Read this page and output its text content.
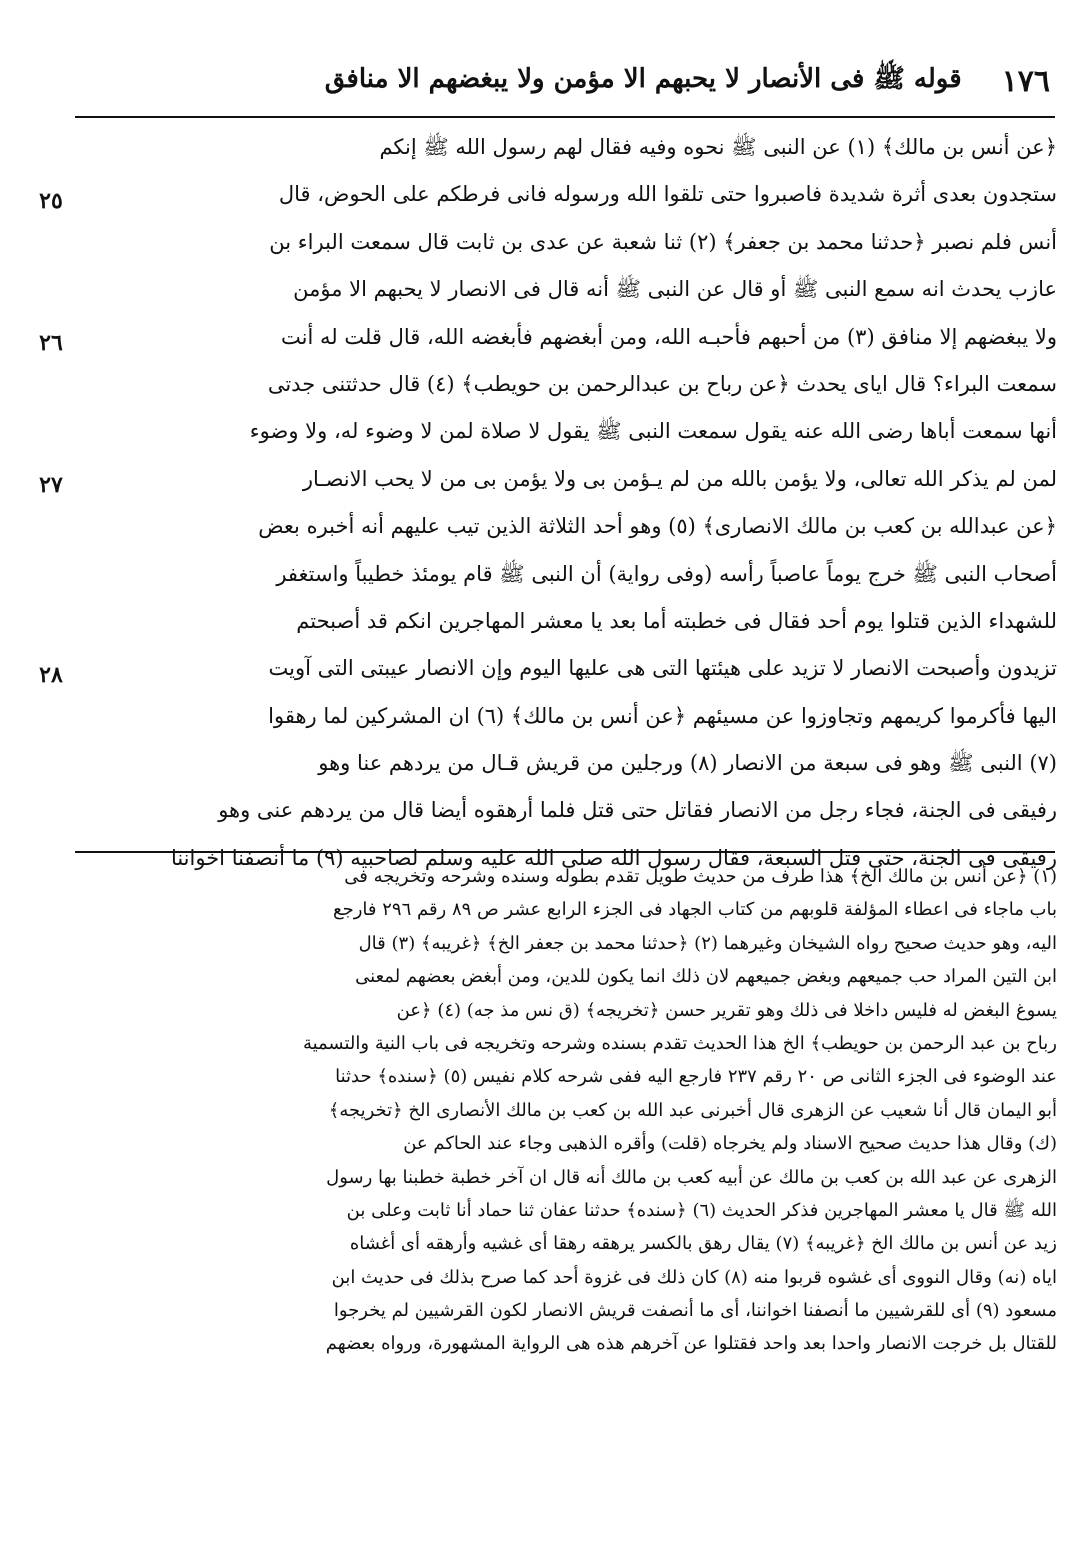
١٧٦
قوله ﷺ فى الأنصار لا يحبهم الا مؤمن ولا يبغضهم الا منافق
٢٥
٢٦
٢٧
٢٨
﴿عن أنس بن مالك﴾ (١) عن النبى ﷺ نحوه وفيه فقال لهم رسول الله ﷺ إنكم
ستجدون بعدى أثرة شديدة فاصبروا حتى تلقوا الله ورسوله فانى فرطكم على الحوض، قال
أنس فلم نصبر ﴿حدثنا محمد بن جعفر﴾ (٢) ثنا شعبة عن عدى بن ثابت قال سمعت البراء بن
عازب يحدث انه سمع النبى ﷺ أو قال عن النبى ﷺ أنه قال فى الانصار لا يحبهم الا مؤمن
ولا يبغضهم إلا منافق (٣) من أحبهم فأحبـه الله، ومن أبغضهم فأبغضه الله، قال قلت له أنت
سمعت البراء؟ قال اياى يحدث ﴿عن رباح بن عبدالرحمن بن حويطب﴾ (٤) قال حدثتنى جدتى
أنها سمعت أباها رضى الله عنه يقول سمعت النبى ﷺ يقول لا صلاة لمن لا وضوء له، ولا وضوء
لمن لم يذكر الله تعالى، ولا يؤمن بالله من لم يـؤمن بى ولا يؤمن بى من لا يحب الانصـار
﴿عن عبدالله بن كعب بن مالك الانصارى﴾ (٥) وهو أحد الثلاثة الذين تيب عليهم أنه أخبره بعض
أصحاب النبى ﷺ خرج يوماً عاصباً رأسه (وفى رواية) أن النبى ﷺ قام يومئذ خطيباً واستغفر
للشهداء الذين قتلوا يوم أحد فقال فى خطبته أما بعد يا معشر المهاجرين انكم قد أصبحتم
تزيدون وأصبحت الانصار لا تزيد على هيئتها التى هى عليها اليوم وإن الانصار عيبتى التى آويت
اليها فأكرموا كريمهم وتجاوزوا عن مسيئهم ﴿عن أنس بن مالك﴾ (٦) ان المشركين لما رهقوا
(٧) النبى ﷺ وهو فى سبعة من الانصار (٨) ورجلين من قريش قـال من يردهم عنا وهو
رفيقى فى الجنة، فجاء رجل من الانصار فقاتل حتى قتل فلما أرهقوه أيضا قال من يردهم عنى وهو
رفيقى فى الجنة، حتى قتل السبعة، فقال رسول الله صلى الله عليه وسلم لصاحبيه (٩) ما أنصفنا اخواننا
(١) ﴿عن أنس بن مالك الخ﴾ هذا طرف من حديث طويل تقدم بطوله وسنده وشرحه وتخريجه فى
باب ماجاء فى اعطاء المؤلفة قلوبهم من كتاب الجهاد فى الجزء الرابع عشر ص ٨٩ رقم ٢٩٦ فارجع
اليه، وهو حديث صحيح رواه الشيخان وغيرهما (٢) ﴿حدثنا محمد بن جعفر الخ﴾ ﴿غريبه﴾ (٣) قال
ابن التين المراد حب جميعهم وبغض جميعهم لان ذلك انما يكون للدين، ومن أبغض بعضهم لمعنى
يسوغ البغض له فليس داخلا فى ذلك وهو تقرير حسن ﴿تخريجه﴾ (ق نس مذ جه) (٤) ﴿عن
رباح بن عبد الرحمن بن حويطب﴾ الخ هذا الحديث تقدم بسنده وشرحه وتخريجه فى باب النية والتسمية
عند الوضوء فى الجزء الثانى ص ٢٠ رقم ٢٣٧ فارجع اليه ففى شرحه كلام نفيس (٥) ﴿سنده﴾ حدثنا
أبو اليمان قال أنا شعيب عن الزهرى قال أخبرنى عبد الله بن كعب بن مالك الأنصارى الخ ﴿تخريجه﴾
(ك) وقال هذا حديث صحيح الاسناد ولم يخرجاه (قلت) وأقره الذهبى وجاء عند الحاكم عن
الزهرى عن عبد الله بن كعب بن مالك عن أبيه كعب بن مالك أنه قال ان آخر خطبة خطبنا بها رسول
الله ﷺ قال يا معشر المهاجرين فذكر الحديث (٦) ﴿سنده﴾ حدثنا عفان ثنا حماد أنا ثابت وعلى بن
زيد عن أنس بن مالك الخ ﴿غريبه﴾ (٧) يقال رهق بالكسر يرهقه رهقا أى غشيه وأرهقه أى أغشاه
اياه (نه) وقال النووى أى غشوه قربوا منه (٨) كان ذلك فى غزوة أحد كما صرح بذلك فى حديث ابن
مسعود (٩) أى للقرشيين ما أنصفنا اخواننا، أى ما أنصفت قريش الانصار لكون القرشيين لم يخرجوا
للقتال بل خرجت الانصار واحدا بعد واحد فقتلوا عن آخرهم هذه هى الرواية المشهورة، ورواه بعضهم
